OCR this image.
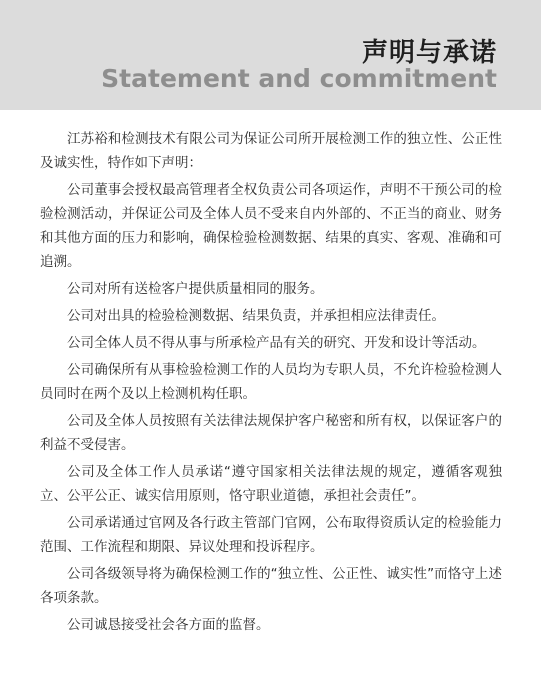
声明与承诺
Statement and commitment

江苏裕和检测技术有限公司为保证公司所开展检测工作的独立性、公正性及诚实性，特作如下声明：

公司董事会授权最高管理者全权负责公司各项运作，声明不干预公司的检验检测活动，并保证公司及全体人员不受来自内外部的、不正当的商业、财务和其他方面的压力和影响，确保检验检测数据、结果的真实、客观、准确和可追溯。

公司对所有送检客户提供质量相同的服务。

公司对出具的检验检测数据、结果负责，并承担相应法律责任。

公司全体人员不得从事与所承检产品有关的研究、开发和设计等活动。

公司确保所有从事检验检测工作的人员均为专职人员，不允许检验检测人员同时在两个及以上检测机构任职。

公司及全体人员按照有关法律法规保护客户秘密和所有权，以保证客户的利益不受侵害。

公司及全体工作人员承诺“遵守国家相关法律法规的规定，遵循客观独立、公平公正、诚实信用原则，恪守职业道德，承担社会责任”。

公司承诺通过官网及各行政主管部门官网，公布取得资质认定的检验能力范围、工作流程和期限、异议处理和投诉程序。

公司各级领导将为确保检测工作的“独立性、公正性、诚实性”而恪守上述各项条款。

公司诚恳接受社会各方面的监督。
